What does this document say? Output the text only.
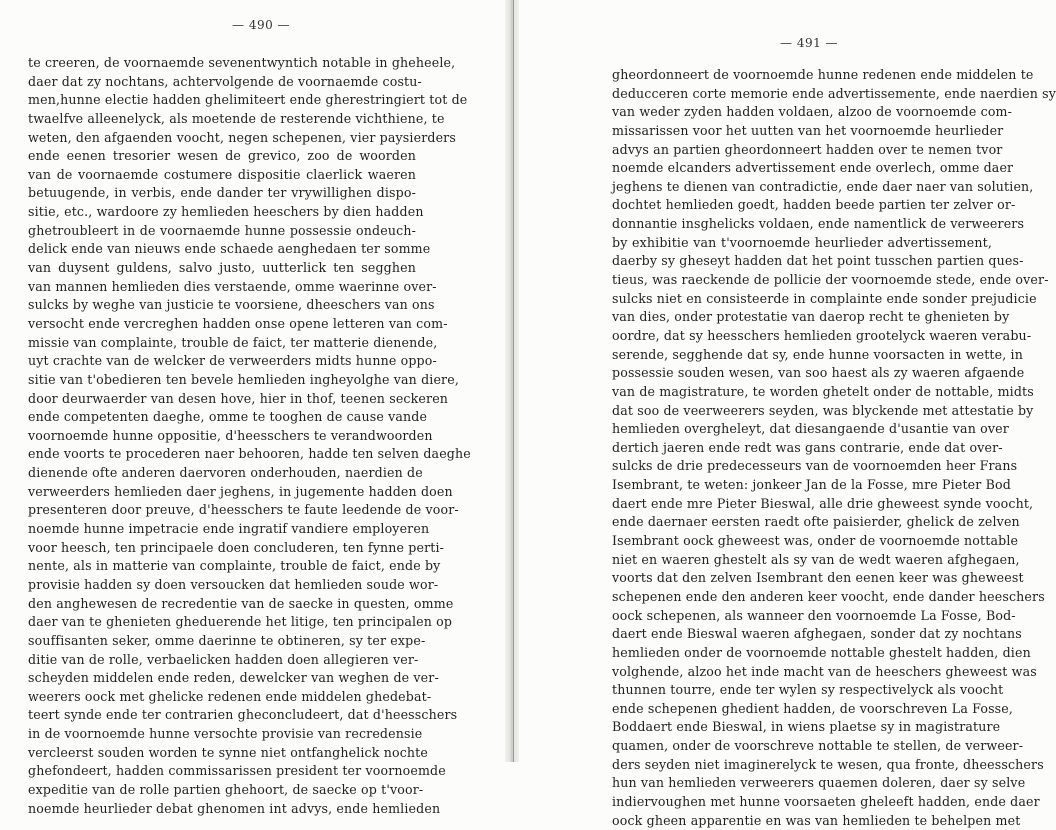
— 490 —
te creeren, de voornaemde sevenentwyntich notable in gheheele,
daer dat zy nochtans, achtervolgende de voornaemde costu-
men,hunne electie hadden ghelimiteert ende gherestringiert tot de
twaelfve alleenelyck, als moetende de resterende vichthiene, te
weten, den afgaenden voocht, negen schepenen, vier paysierders
ende eenen tresorier wesen de grevico, zoo de woorden
van de voornaemde costumere dispositie claerlick waeren
betuugende, in verbis, ende dander ter vrywillighen dispo-
sitie, etc., wardoore zy hemlieden heeschers by dien hadden
ghetroubleert in de voornaemde hunne possessie ondeuch-
delick ende van nieuws ende schaede aenghedaen ter somme
van duysent guldens, salvo justo, uutterlick ten segghen
van mannen hemlieden dies verstaende, omme waerinne over-
sulcks by weghe van justicie te voorsiene, dheeschers van ons
versocht ende vercreghen hadden onse opene letteren van com-
missie van complainte, trouble de faict, ter matterie dienende,
uyt crachte van de welcker de verweerders midts hunne oppo-
sitie van t'obedieren ten bevele hemlieden ingheyolghe van diere,
door deurwaerder van desen hove, hier in thof, teenen seckeren
ende competenten daeghe, omme te tooghen de cause vande
voornoemde hunne oppositie, d'heesschers te verandwoorden
ende voorts te procederen naer behooren, hadde ten selven daeghe
dienende ofte anderen daervoren onderhouden, naerdien de
verweerders hemlieden daer jeghens, in jugemente hadden doen
presenteren door preuve, d'heesschers te faute leedende de voor-
noemde hunne impetracie ende ingratif vandiere employeren
voor heesch, ten principaele doen concluderen, ten fynne perti-
nente, als in matterie van complainte, trouble de faict, ende by
provisie hadden sy doen versoucken dat hemlieden soude wor-
den anghewesen de recredentie van de saecke in questen, omme
daer van te ghenieten gheduerende het litige, ten principalen op
souffisanten seker, omme daerinne te obtineren, sy ter expe-
ditie van de rolle, verbaelicken hadden doen allegieren ver-
scheyden middelen ende reden, dewelcker van weghen de ver-
weerers oock met ghelicke redenen ende middelen ghedebat-
teert synde ende ter contrarien gheconcludeert, dat d'heesschers
in de voornoemde hunne versochte provisie van recredensie
vercleerst souden worden te synne niet ontfanghelick nochte
ghefondeert, hadden commissarissen president ter voornoemde
expeditie van de rolle partien ghehoort, de saecke op t'voor-
noemde heurlieder debat ghenomen int advys, ende hemlieden
— 491 —
gheordonneert de voornoemde hunne redenen ende middelen te
deducceren corte memorie ende advertissemente, ende naerdien sy
van weder zyden hadden voldaen, alzoo de voornoemde com-
missarissen voor het uutten van het voornoemde heurlieder
advys an partien gheordonneert hadden over te nemen tvor
noemde elcanders advertissement ende overlech, omme daer
jeghens te dienen van contradictie, ende daer naer van solutien,
dochtet hemlieden goedt, hadden beede partien ter zelver or-
donnantie insghelicks voldaen, ende namentlick de verweerers
by exhibitie van t'voornoemde heurlieder advertissement,
daerby sy gheseyt hadden dat het point tusschen partien ques-
tieus, was raeckende de pollicie der voornoemde stede, ende over-
sulcks niet en consisteerde in complainte ende sonder prejudicie
van dies, onder protestatie van daerop recht te ghenieten by
oordre, dat sy heesschers hemlieden grootelyck waeren verabu-
serende, segghende dat sy, ende hunne voorsacten in wette, in
possessie souden wesen, van soo haest als zy waeren afgaende
van de magistrature, te worden ghetelt onder de nottable, midts
dat soo de veerweerers seyden, was blyckende met attestatie by
hemlieden overgheleyt, dat diesangaende d'usantie van over
dertich jaeren ende redt was gans contrarie, ende dat over-
sulcks de drie predecesseurs van de voornoemden heer Frans
Isembrant, te weten: jonkeer Jan de la Fosse, mre Pieter Bod
daert ende mre Pieter Bieswal, alle drie gheweest synde voocht,
ende daernaer eersten raedt ofte paisierder, ghelick de zelven
Isembrant oock gheweest was, onder de voornoemde nottable
niet en waeren ghestelt als sy van de wedt waeren afghegaen,
voorts dat den zelven Isembrant den eenen keer was gheweest
schepenen ende den anderen keer voocht, ende dander heeschers
oock schepenen, als wanneer den voornoemde La Fosse, Bod-
daert ende Bieswal waeren afghegaen, sonder dat zy nochtans
hemlieden onder de voornoemde nottable ghestelt hadden, dien
volghende, alzoo het inde macht van de heeschers gheweest was
thunnen tourre, ende ter wylen sy respectivelyck als voocht
ende schepenen ghedient hadden, de voorschreven La Fosse,
Boddaert ende Bieswal, in wiens plaetse sy in magistrature
quamen, onder de voorschreve nottable te stellen, de verweer-
ders seyden niet imaginerelyck te wesen, qua fronte, dheesschers
hun van hemlieden verweerers quaemen doleren, daer sy selve
indiervoughen met hunne voorsaeten gheleeft hadden, ende daer
oock gheen apparentie en was van hemlieden te behelpen met
